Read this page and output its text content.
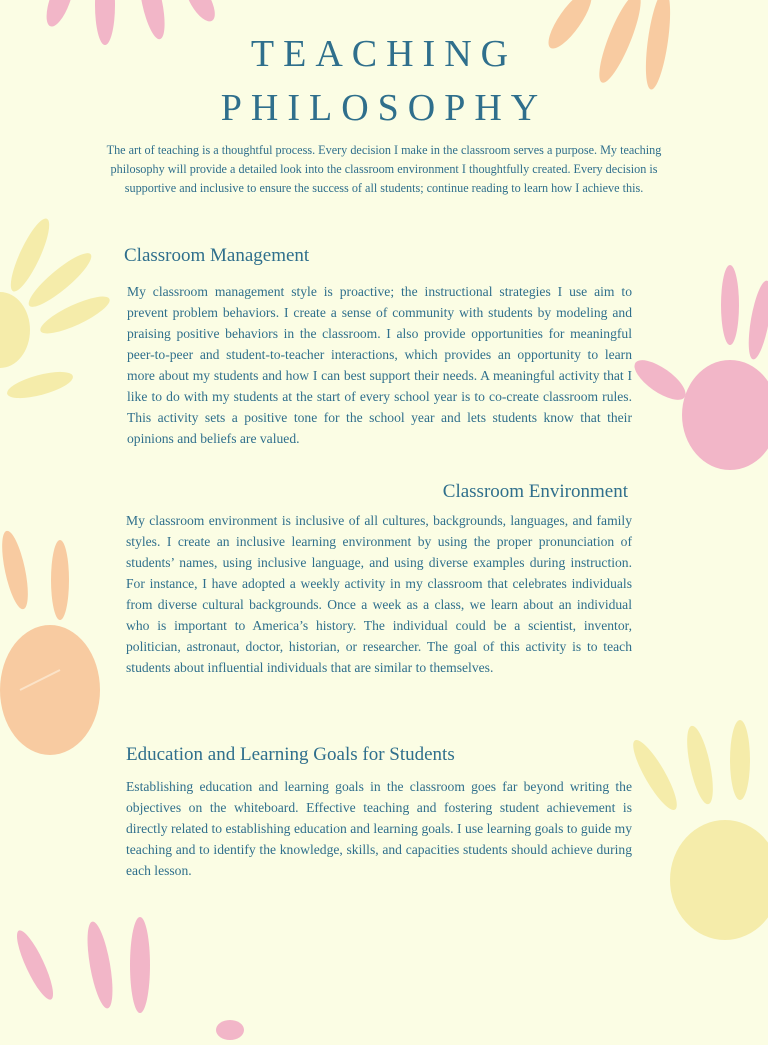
TEACHING
PHILOSOPHY

The art of teaching is a thoughtful process. Every decision I make in the classroom serves a purpose. My teaching philosophy will provide a detailed look into the classroom environment I thoughtfully created. Every decision is supportive and inclusive to ensure the success of all students; continue reading to learn how I achieve this.

Classroom Management

My classroom management style is proactive; the instructional strategies I use aim to prevent problem behaviors. I create a sense of community with students by modeling and praising positive behaviors in the classroom. I also provide opportunities for meaningful peer-to-peer and student-to-teacher interactions, which provides an opportunity to learn more about my students and how I can best support their needs. A meaningful activity that I like to do with my students at the start of every school year is to co-create classroom rules. This activity sets a positive tone for the school year and lets students know that their opinions and beliefs are valued.

Classroom Environment

My classroom environment is inclusive of all cultures, backgrounds, languages, and family styles. I create an inclusive learning environment by using the proper pronunciation of students’ names, using inclusive language, and using diverse examples during instruction. For instance, I have adopted a weekly activity in my classroom that celebrates individuals from diverse cultural backgrounds. Once a week as a class, we learn about an individual who is important to America’s history. The individual could be a scientist, inventor, politician, astronaut, doctor, historian, or researcher. The goal of this activity is to teach students about influential individuals that are similar to themselves.

Education and Learning Goals for Students

Establishing education and learning goals in the classroom goes far beyond writing the objectives on the whiteboard. Effective teaching and fostering student achievement is directly related to establishing education and learning goals. I use learning goals to guide my teaching and to identify the knowledge, skills, and capacities students should achieve during each lesson.
